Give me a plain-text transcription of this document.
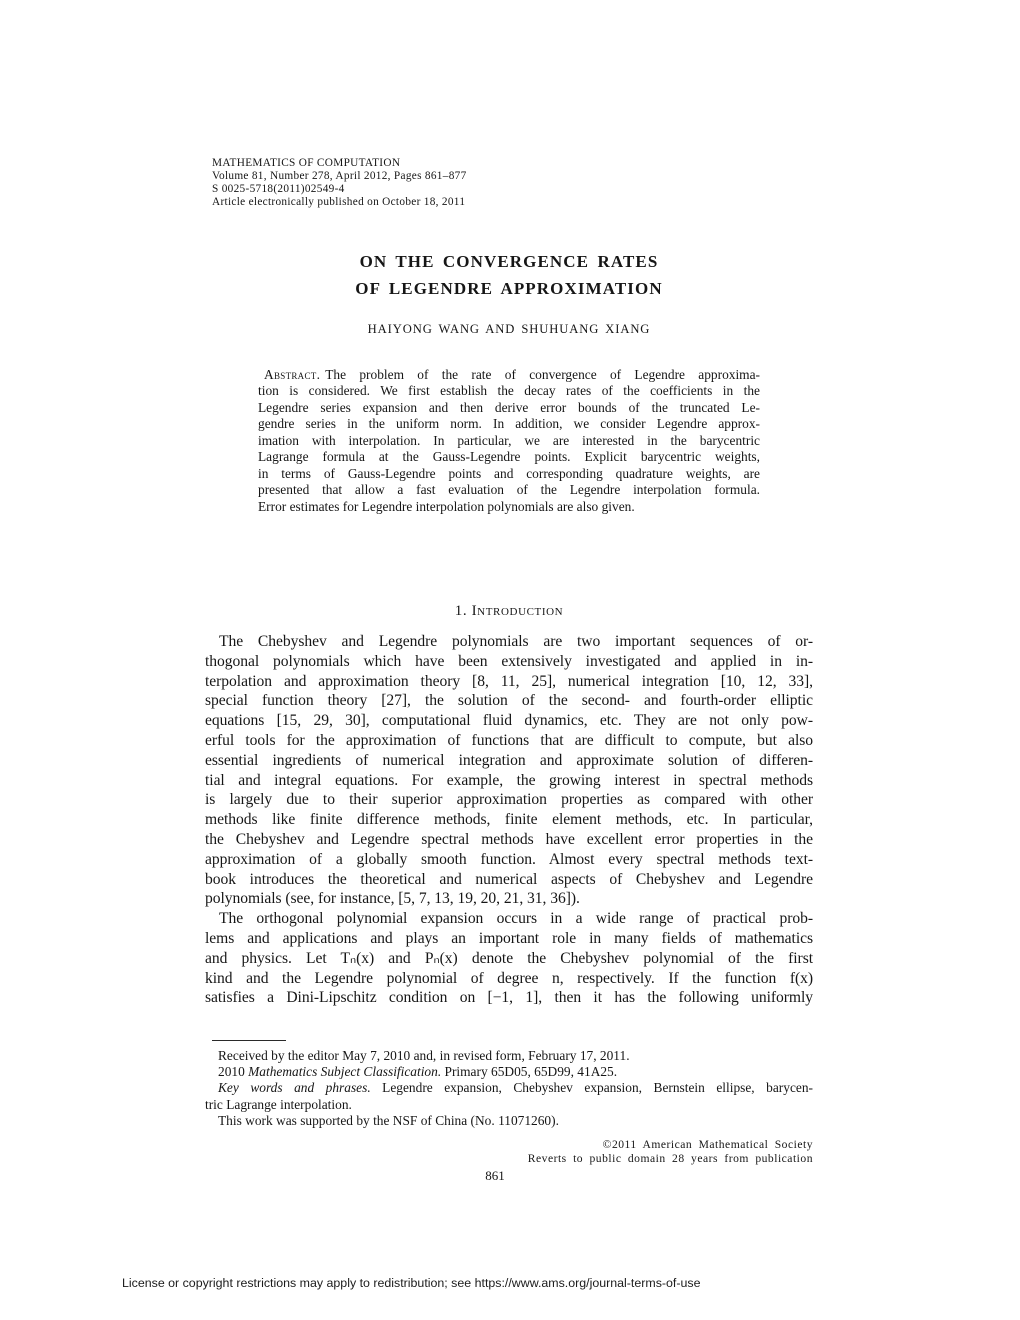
MATHEMATICS OF COMPUTATION
Volume 81, Number 278, April 2012, Pages 861–877
S 0025-5718(2011)02549-4
Article electronically published on October 18, 2011
ON THE CONVERGENCE RATES
OF LEGENDRE APPROXIMATION
HAIYONG WANG AND SHUHUANG XIANG
Abstract. The problem of the rate of convergence of Legendre approxima-
tion is considered. We first establish the decay rates of the coefficients in the
Legendre series expansion and then derive error bounds of the truncated Le-
gendre series in the uniform norm. In addition, we consider Legendre approx-
imation with interpolation. In particular, we are interested in the barycentric
Lagrange formula at the Gauss-Legendre points. Explicit barycentric weights,
in terms of Gauss-Legendre points and corresponding quadrature weights, are
presented that allow a fast evaluation of the Legendre interpolation formula.
Error estimates for Legendre interpolation polynomials are also given.
1. Introduction
The Chebyshev and Legendre polynomials are two important sequences of or-
thogonal polynomials which have been extensively investigated and applied in in-
terpolation and approximation theory [8, 11, 25], numerical integration [10, 12, 33],
special function theory [27], the solution of the second- and fourth-order elliptic
equations [15, 29, 30], computational fluid dynamics, etc. They are not only pow-
erful tools for the approximation of functions that are difficult to compute, but also
essential ingredients of numerical integration and approximate solution of differen-
tial and integral equations. For example, the growing interest in spectral methods
is largely due to their superior approximation properties as compared with other
methods like finite difference methods, finite element methods, etc. In particular,
the Chebyshev and Legendre spectral methods have excellent error properties in the
approximation of a globally smooth function. Almost every spectral methods text-
book introduces the theoretical and numerical aspects of Chebyshev and Legendre
polynomials (see, for instance, [5, 7, 13, 19, 20, 21, 31, 36]).
The orthogonal polynomial expansion occurs in a wide range of practical prob-
lems and applications and plays an important role in many fields of mathematics
and physics. Let Tₙ(x) and Pₙ(x) denote the Chebyshev polynomial of the first
kind and the Legendre polynomial of degree n, respectively. If the function f(x)
satisfies a Dini-Lipschitz condition on [−1, 1], then it has the following uniformly
Received by the editor May 7, 2010 and, in revised form, February 17, 2011.
2010 Mathematics Subject Classification. Primary 65D05, 65D99, 41A25.
Key words and phrases. Legendre expansion, Chebyshev expansion, Bernstein ellipse, barycen-
tric Lagrange interpolation.
This work was supported by the NSF of China (No. 11071260).
©2011 American Mathematical Society
Reverts to public domain 28 years from publication
861
License or copyright restrictions may apply to redistribution; see https://www.ams.org/journal-terms-of-use
